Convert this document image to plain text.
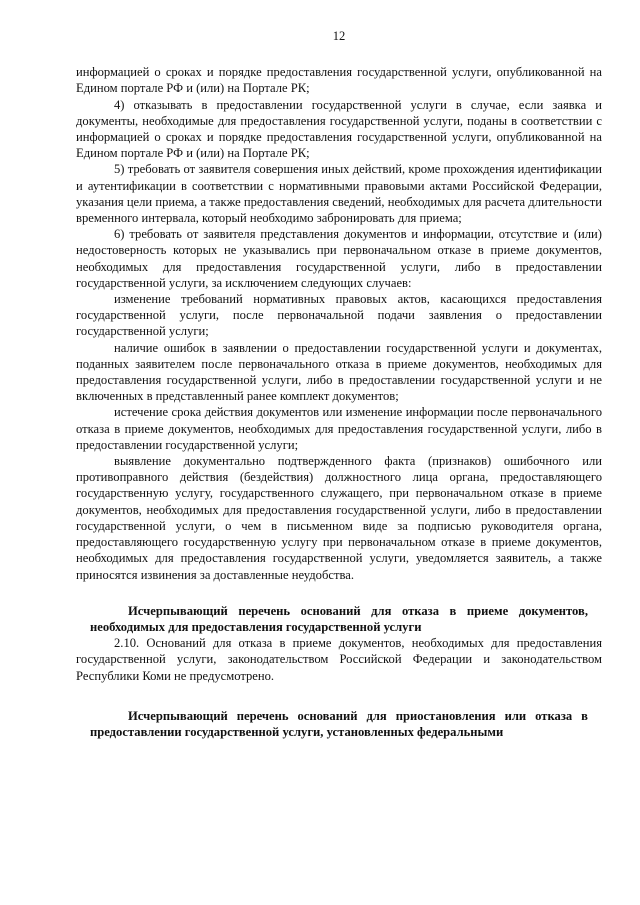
12

информацией о сроках и порядке предоставления государственной услуги, опубликованной на Едином портале РФ и (или) на Портале РК;

4) отказывать в предоставлении государственной услуги в случае, если заявка и документы, необходимые для предоставления государственной услуги, поданы в соответствии с информацией о сроках и порядке предоставления государственной услуги, опубликованной на Едином портале РФ и (или) на Портале РК;

5) требовать от заявителя совершения иных действий, кроме прохождения идентификации и аутентификации в соответствии с нормативными правовыми актами Российской Федерации, указания цели приема, а также предоставления сведений, необходимых для расчета длительности временного интервала, который необходимо забронировать для приема;

6) требовать от заявителя представления документов и информации, отсутствие и (или) недостоверность которых не указывались при первоначальном отказе в приеме документов, необходимых для предоставления государственной услуги, либо в предоставлении государственной услуги, за исключением следующих случаев:

изменение требований нормативных правовых актов, касающихся предоставления государственной услуги, после первоначальной подачи заявления о предоставлении государственной услуги;

наличие ошибок в заявлении о предоставлении государственной услуги и документах, поданных заявителем после первоначального отказа в приеме документов, необходимых для предоставления государственной услуги, либо в предоставлении государственной услуги и не включенных в представленный ранее комплект документов;

истечение срока действия документов или изменение информации после первоначального отказа в приеме документов, необходимых для предоставления государственной услуги, либо в предоставлении государственной услуги;

выявление документально подтвержденного факта (признаков) ошибочного или противоправного действия (бездействия) должностного лица органа, предоставляющего государственную услугу, государственного служащего, при первоначальном отказе в приеме документов, необходимых для предоставления государственной услуги, либо в предоставлении государственной услуги, о чем в письменном виде за подписью руководителя органа, предоставляющего государственную услугу при первоначальном отказе в приеме документов, необходимых для предоставления государственной услуги, уведомляется заявитель, а также приносятся извинения за доставленные неудобства.

Исчерпывающий перечень оснований для отказа в приеме документов, необходимых для предоставления государственной услуги

2.10. Оснований для отказа в приеме документов, необходимых для предоставления государственной услуги, законодательством Российской Федерации и законодательством Республики Коми не предусмотрено.

Исчерпывающий перечень оснований для приостановления или отказа в предоставлении государственной услуги, установленных федеральными
